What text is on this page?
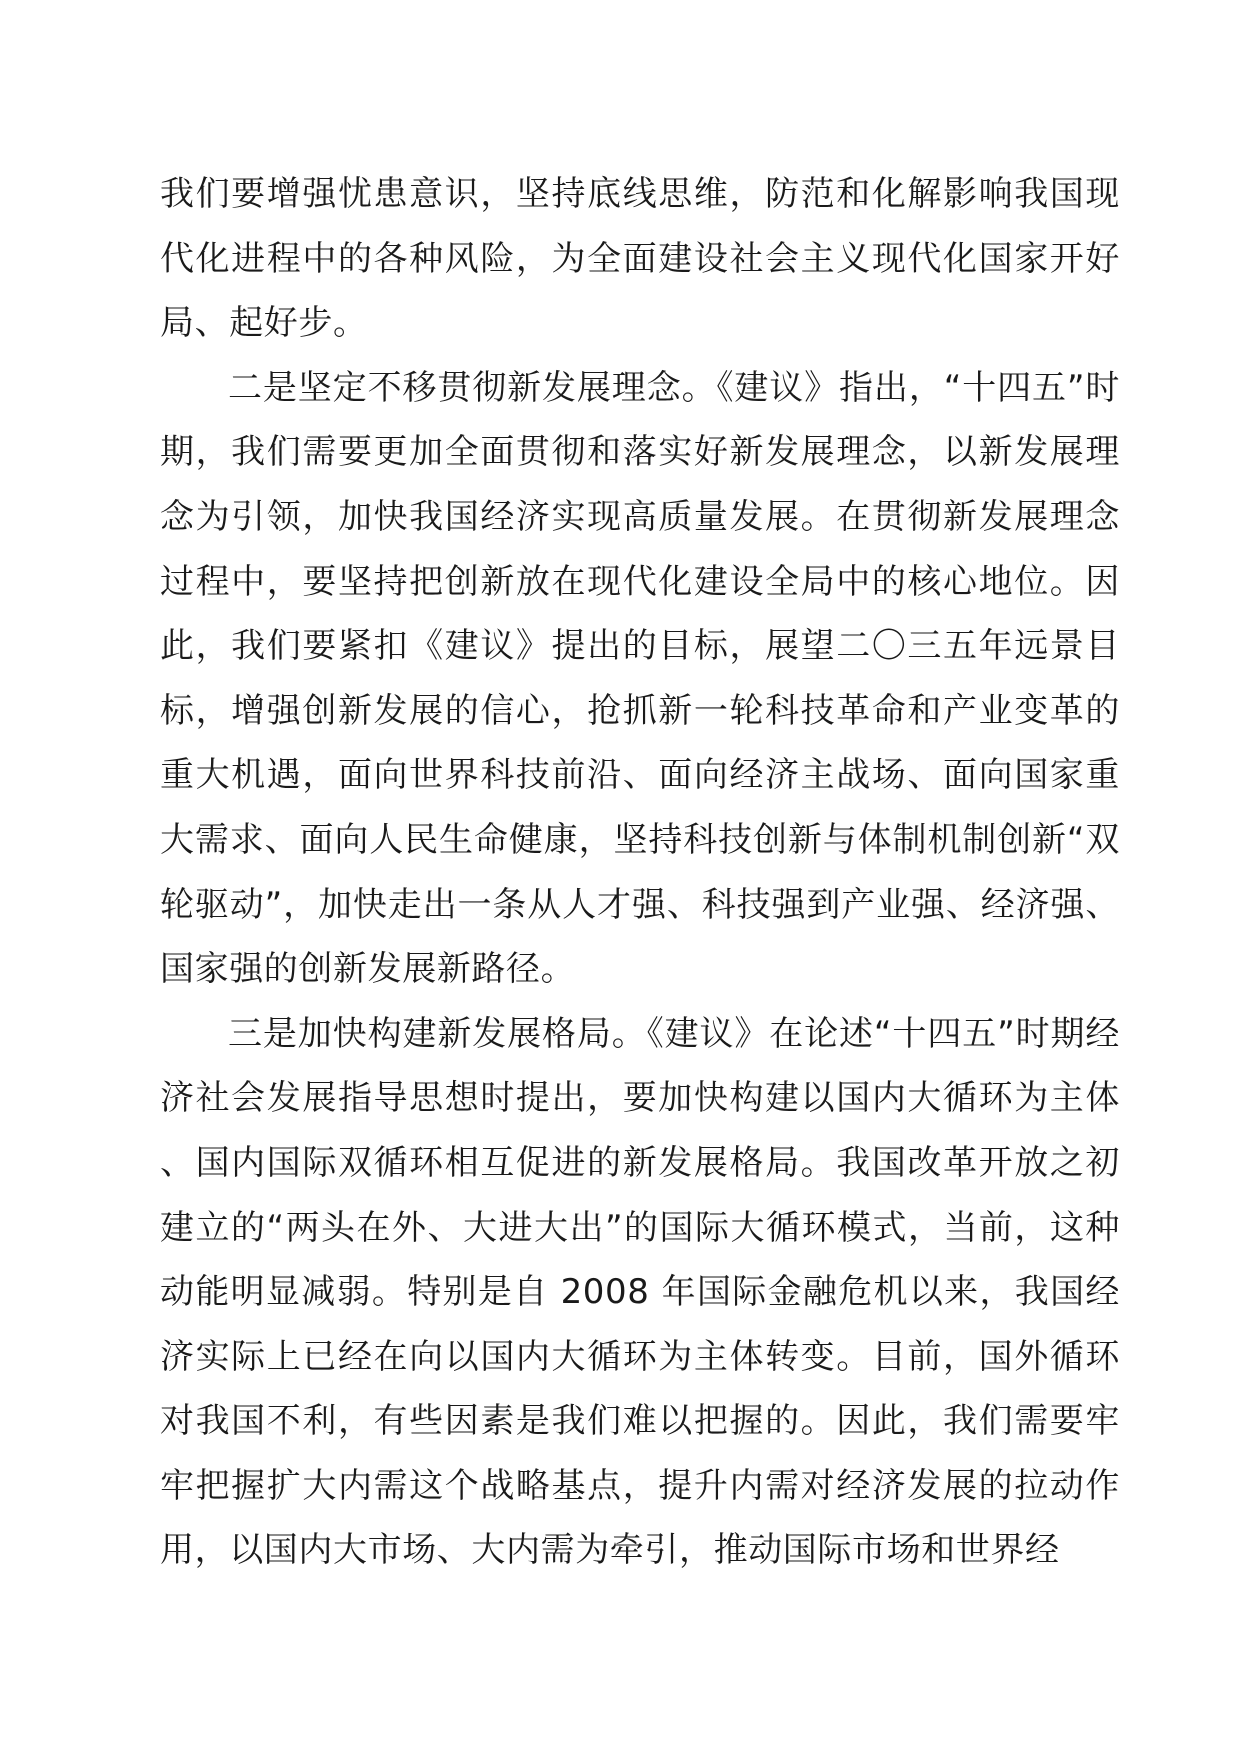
我们要增强忧患意识，坚持底线思维，防范和化解影响我国现代化进程中的各种风险，为全面建设社会主义现代化国家开好局、起好步。

二是坚定不移贯彻新发展理念。《建议》指出，“十四五”时期，我们需要更加全面贯彻和落实好新发展理念，以新发展理念为引领，加快我国经济实现高质量发展。在贯彻新发展理念过程中，要坚持把创新放在现代化建设全局中的核心地位。因此，我们要紧扣《建议》提出的目标，展望二〇三五年远景目标，增强创新发展的信心，抢抓新一轮科技革命和产业变革的重大机遇，面向世界科技前沿、面向经济主战场、面向国家重大需求、面向人民生命健康，坚持科技创新与体制机制创新“双轮驱动”，加快走出一条从人才强、科技强到产业强、经济强、国家强的创新发展新路径。

三是加快构建新发展格局。《建议》在论述“十四五”时期经济社会发展指导思想时提出，要加快构建以国内大循环为主体、国内国际双循环相互促进的新发展格局。我国改革开放之初建立的“两头在外、大进大出”的国际大循环模式，当前，这种动能明显减弱。特别是自 2008 年国际金融危机以来，我国经济实际上已经在向以国内大循环为主体转变。目前，国外循环对我国不利，有些因素是我们难以把握的。因此，我们需要牢牢把握扩大内需这个战略基点，提升内需对经济发展的拉动作用，以国内大市场、大内需为牵引，推动国际市场和世界经
